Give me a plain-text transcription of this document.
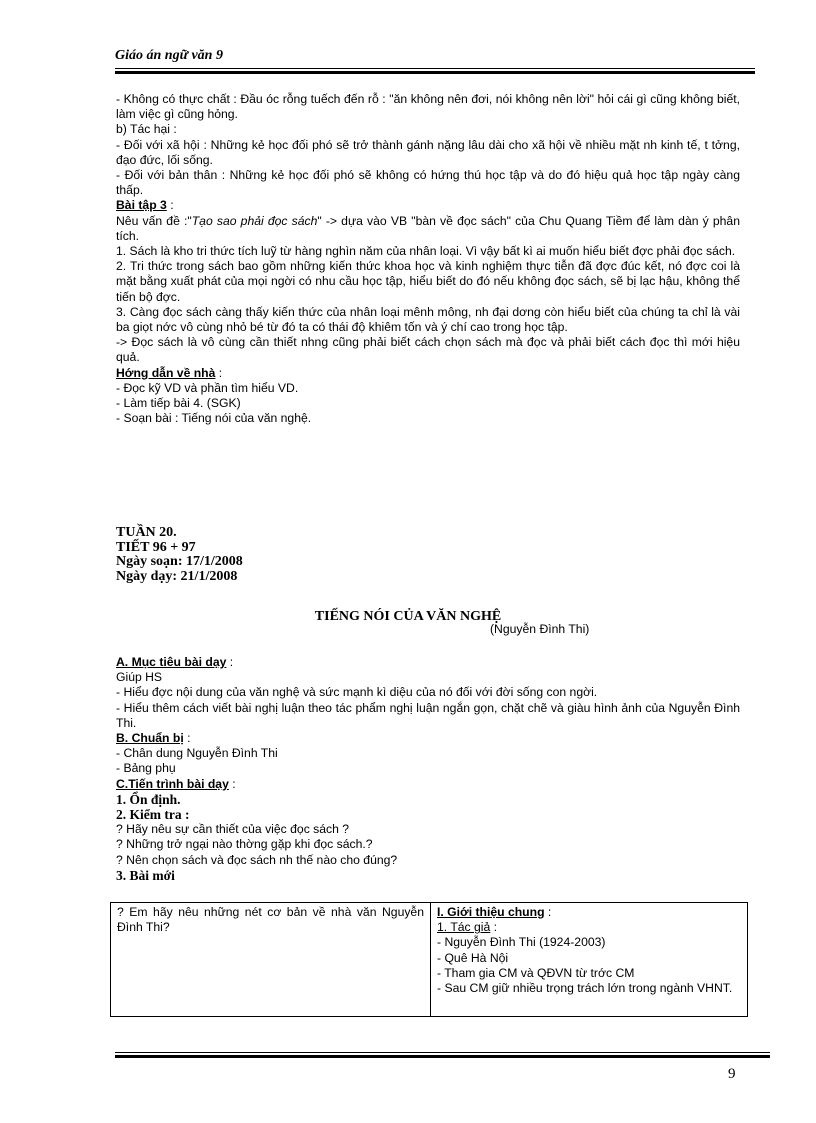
Giáo án ngữ văn 9

- Không có thực chất : Đầu óc rỗng tuếch đến rỗ : "ăn không nên đơi, nói không nên lời" hỏi cái gì cũng không biết, làm việc gì cũng hỏng.

b) Tác hại :

- Đối với xã hội : Những kẻ học đối phó sẽ trở thành gánh nặng lâu dài cho xã hội về nhiều mặt nh kinh tế, t tởng, đạo đức, lối sống.

- Đối với bản thân : Những kẻ học đối phó sẽ không có hứng thú học tập và do đó hiệu quả học tập ngày càng thấp.

Bài tập 3 :

Nêu vấn đề :"Tạo sao phải đọc sách" -> dựa vào VB "bàn về đọc sách" của Chu Quang Tiềm để làm dàn ý phân tích.

1. Sách là kho tri thức tích luỹ từ hàng nghìn năm của nhân loại. Vì vậy bất kì ai muốn hiểu biết đợc phải đọc sách.

2. Tri thức trong sách bao gồm những kiến thức khoa học và kinh nghiệm thực tiễn đã đợc đúc kết, nó đợc coi là mặt bằng xuất phát của mọi ngời có nhu cầu học tập, hiểu biết do đó nếu không đọc sách, sẽ bị lạc hậu, không thể tiến bộ đợc.

3. Càng đọc sách càng thấy kiến thức của nhân loại mênh mông, nh đại dơng còn hiểu biết của chúng ta chỉ là vài ba giọt nớc vô cùng nhỏ bé từ đó ta có thái độ khiêm tốn và ý chí cao trong học tập.

-> Đọc sách là vô cùng cần thiết nhng cũng phải biết cách chọn sách mà đọc và phải biết cách đọc thì mới hiệu quả.

Hớng dẫn về nhà :

- Đọc kỹ VD và phần tìm hiểu VD.

- Làm tiếp bài 4. (SGK)

- Soạn bài : Tiếng nói của văn nghệ.

TUẦN 20.
TIẾT 96 + 97
Ngày soạn: 17/1/2008
Ngày dạy: 21/1/2008
TIẾNG NÓI CỦA VĂN NGHỆ
(Nguyễn Đình Thi)

A. Mục tiêu bài dạy :

Giúp HS

- Hiểu đợc nội dung của văn nghệ và sức mạnh kì diệu của nó đối với đời sống con ngời.

- Hiểu thêm cách viết bài nghị luận theo tác phẩm nghị luận ngắn gọn, chặt chẽ và giàu hình ảnh của Nguyễn Đình Thi.

B. Chuẩn bị :

- Chân dung Nguyễn Đình Thi

- Bảng phụ

C.Tiến trình bài dạy :

1. Ổn định.

2. Kiểm tra :

? Hãy nêu sự cần thiết của việc đọc sách ?

? Những trở ngại nào thờng gặp khi đọc sách.?

? Nên chọn sách và đọc sách nh thế nào cho đúng?

3. Bài mới

? Em hãy nêu những nét cơ bản về nhà văn Nguyễn Đình Thi?

I. Giới thiệu chung :

1. Tác giả :

- Nguyễn Đình Thi (1924-2003)

- Quê Hà Nội

- Tham gia CM và QĐVN từ trớc CM

- Sau CM giữ nhiều trọng trách lớn trong ngành VHNT.

9
